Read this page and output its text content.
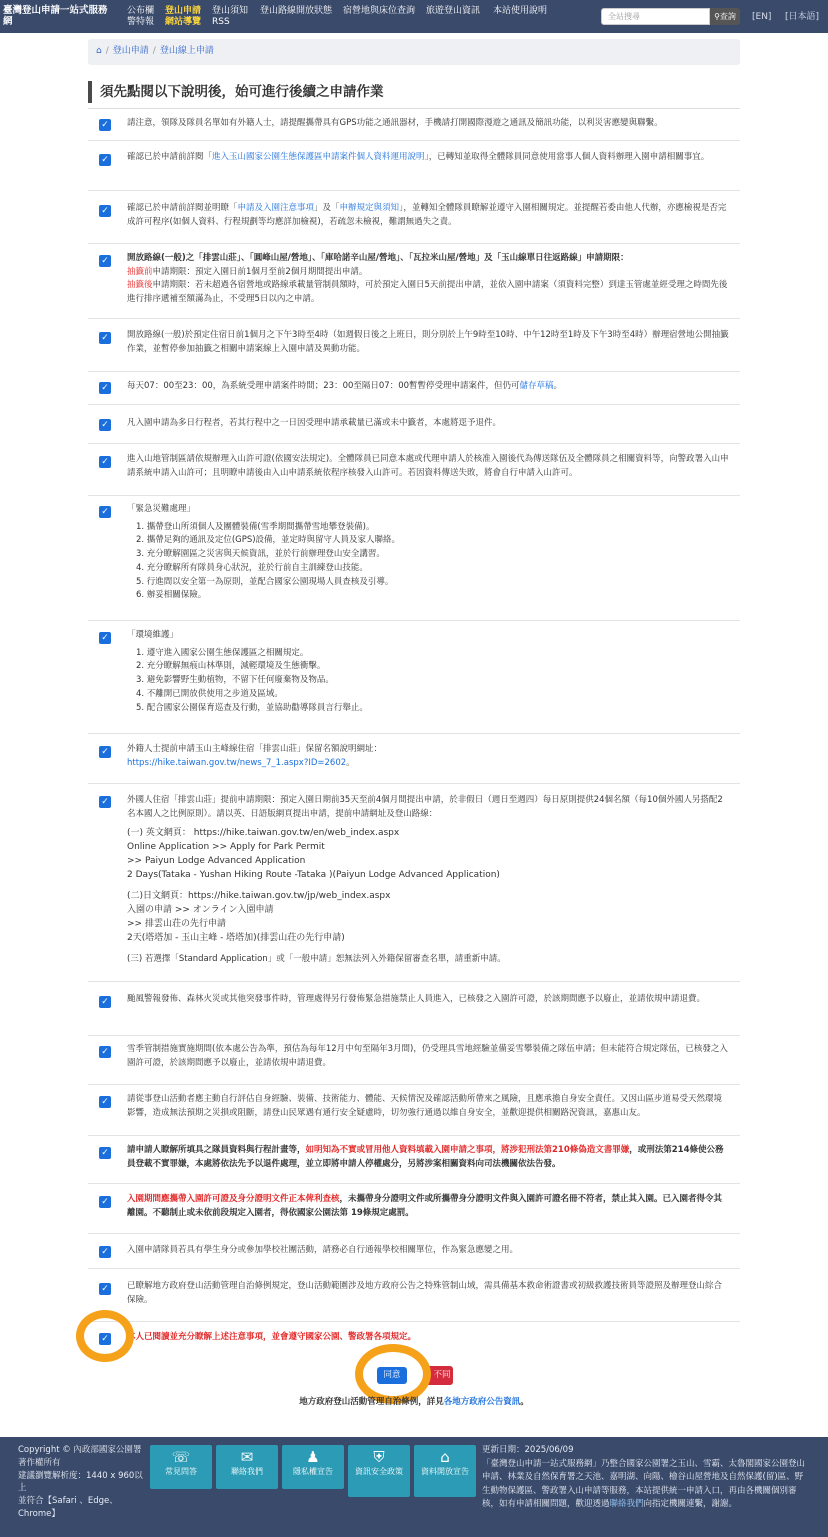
臺灣登山申請一站式服務網
公布欄 警特報
登山申請 網站導覽
登山須知 RSS
登山路線開放狀態 宿營地與床位查詢 旅遊登山資訊 本站使用說明
全站搜尋	⚲查詢	[EN] [日本語]
⌂ / 登山申請 / 登山線上申請
須先點閱以下說明後，始可進行後續之申請作業
✓ 請注意，領隊及隊員名單如有外籍人士，請提醒攜帶具有GPS功能之通訊器材，手機請打開國際漫遊之通訊及簡訊功能，以利災害應變與聯繫。
✓ 確認已於申請前詳閱「進入玉山國家公園生態保護區申請案件個人資料運用說明」，已轉知並取得全體隊員同意使用當事人個人資料辦理入園申請相關事宜。
✓ 確認已於申請前詳閱並明瞭「申請及入園注意事項」及「申辦規定與須知」，並轉知全體隊員瞭解並遵守入園相關規定。並提醒若委由他人代辦，亦應檢視是否完成許可程序(如個人資料、行程規劃等均應詳加檢視)，若疏忽未檢視，難謂無過失之責。
✓ 開放路線(一般)之「排雲山莊」、「圓峰山屋/營地」、「庫哈諾辛山屋/營地」、「瓦拉米山屋/營地」及「玉山線單日往返路線」申請期限：
抽籤前申請期限：預定入園日前1個月至前2個月期間提出申請。
抽籤後申請期限：若未超過各宿營地或路線承載量管制員額時，可於預定入園日5天前提出申請，並依入園申請案（須資料完整）到達玉管處並經受理之時間先後進行排序遞補至額滿為止，不受理5日以內之申請。
✓ 開放路線(一般)於預定住宿日前1個月之下午3時至4時（如週假日後之上班日，則分別於上午9時至10時、中午12時至1時及下午3時至4時）辦理宿營地公開抽籤作業，並暫停參加抽籤之相關申請案線上入園申請及異動功能。
✓ 每天07：00至23：00，為系統受理申請案件時間；23：00至隔日07：00暫暫停受理申請案件，但仍可儲存草稿。
✓ 凡入園申請為多日行程者，若其行程中之一日因受理申請承載量已滿或未中籤者，本處將逕予退件。
✓ 進入山地管制區請依規辦理入山許可證(依國安法規定)。全體隊員已同意本處或代理申請人於核准入園後代為傳送隊伍及全體隊員之相關資料等，向警政署入山申請系統申請入山許可；且明瞭申請後由入山申請系統依程序核發入山許可。若因資料傳送失敗，將會自行申請入山許可。
✓ 「緊急災難處理」
1. 攜帶登山所須個人及團體裝備(雪季期間攜帶雪地攀登裝備)。
2. 攜帶足夠的通訊及定位(GPS)設備，並定時與留守人員及家人聯絡。
3. 充分瞭解園區之災害與天候資訊，並於行前辦理登山安全講習。
4. 充分瞭解所有隊員身心狀況，並於行前自主訓練登山技能。
5. 行進間以安全第一為原則，並配合國家公園現場人員查核及引導。
6. 辦妥相關保險。
✓ 「環境維護」
1. 遵守進入國家公園生態保護區之相關規定。
2. 充分瞭解無痕山林準則，減輕環境及生態衝擊。
3. 避免影響野生動植物，不留下任何廢棄物及物品。
4. 不離開已開放供使用之步道及區域。
5. 配合國家公園保育巡查及行動，並協助勸導隊員言行舉止。
✓ 外籍人士提前申請玉山主峰線住宿「排雲山莊」保留名額說明網址：
https://hike.taiwan.gov.tw/news_7_1.aspx?ID=2602。
✓ 外國人住宿「排雲山莊」提前申請期限：預定入園日期前35天至前4個月間提出申請，於非假日（週日至週四）每日原則提供24個名額（每10個外國人另搭配2名本國人之比例原則）。請以英、日語版網頁提出申請，提前申請網址及登山路線：
(一) 英文網頁： https://hike.taiwan.gov.tw/en/web_index.aspx
Online Application >> Apply for Park Permit
>> Paiyun Lodge Advanced Application
2 Days(Tataka - Yushan Hiking Route -Tataka )(Paiyun Lodge Advanced Application)
(二)日文網頁：https://hike.taiwan.gov.tw/jp/web_index.aspx
入園の申請 >> オンライン入園申請
>> 排雲山荘の先行申請
2天(塔塔加 - 玉山主峰 - 塔塔加)(排雲山荘の先行申請)
(三) 若選擇「Standard Application」或「一般申請」恕無法列入外籍保留審查名單，請重新申請。
✓ 颱風警報發佈、森林火災或其他突發事件時，管理處得另行發佈緊急措施禁止人員進入，已核發之入園許可證，於該期間應予以廢止，並請依規申請退費。
✓ 雪季管制措施實施期間(依本處公告為準，預估為每年12月中旬至隔年3月間)，仍受理具雪地經驗並備妥雪攀裝備之隊伍申請；但未能符合規定隊伍，已核發之入園許可證，於該期間應予以廢止，並請依規申請退費。
✓ 請從事登山活動者應主動自行評估自身經驗、裝備、技術能力、體能、天候情況及確認活動所帶來之風險，且應承擔自身安全責任。又因山區步道易受天然環境影響，造成無法預期之災損或阻斷，請登山民眾遇有通行安全疑慮時，切勿強行通過以維自身安全，並歡迎提供相關路況資訊，嘉惠山友。
✓ 請申請人瞭解所填具之隊員資料與行程計畫等，如明知為不實或冒用他人資料填載入園申請之事項，將涉犯刑法第210條偽造文書罪嫌，或刑法第214條使公務員登載不實罪嫌，本處將依法先予以退件處理，並立即將申請人停權處分，另將涉案相關資料向司法機關依法告發。
✓ 入園期間應攜帶入園許可證及身分證明文件正本俾利查核，未攜帶身分證明文件或所攜帶身分證明文件與入園許可證名冊不符者，禁止其入園。已入園者得令其離園。不聽制止或未依前段規定入園者，得依國家公園法第 19條規定處罰。
✓ 入園申請隊員若具有學生身分或參加學校社團活動，請務必自行通報學校相關單位，作為緊急應變之用。
✓ 已瞭解地方政府登山活動管理自治條例規定，登山活動範圍涉及地方政府公告之特殊管制山域，需具備基本救命術證書或初級救護技術員等證照及辦理登山綜合保險。
✓ 本人已閱讀並充分瞭解上述注意事項，並會遵守國家公園、警政署各項規定。
不同意
同意
地方政府登山活動管理自治條例，詳見各地方政府公告資訊。
Copyright © 內政部國家公園署 著作權所有
建議瀏覽解析度：1440 x 960以上
並符合【Safari 、Edge、Chrome】
☏
常見問答
✉
聯絡我們
♟
隱私權宣告
⛨
資訊安全政策
⌂
資料開放宣告
更新日期：2025/06/09
「臺灣登山申請一站式服務網」乃整合國家公園署之玉山、雪霸、太魯閣國家公園登山申請、林業及自然保育署之天池、嘉明湖、向陽、檜谷山屋營地及自然保護(留)區、野生動物保護區、警政署入山申請等服務，本站提供統一申請入口，再由各機關個別審核，如有申請相關問題，歡迎透過聯絡我們向指定機關連繫，謝謝。
